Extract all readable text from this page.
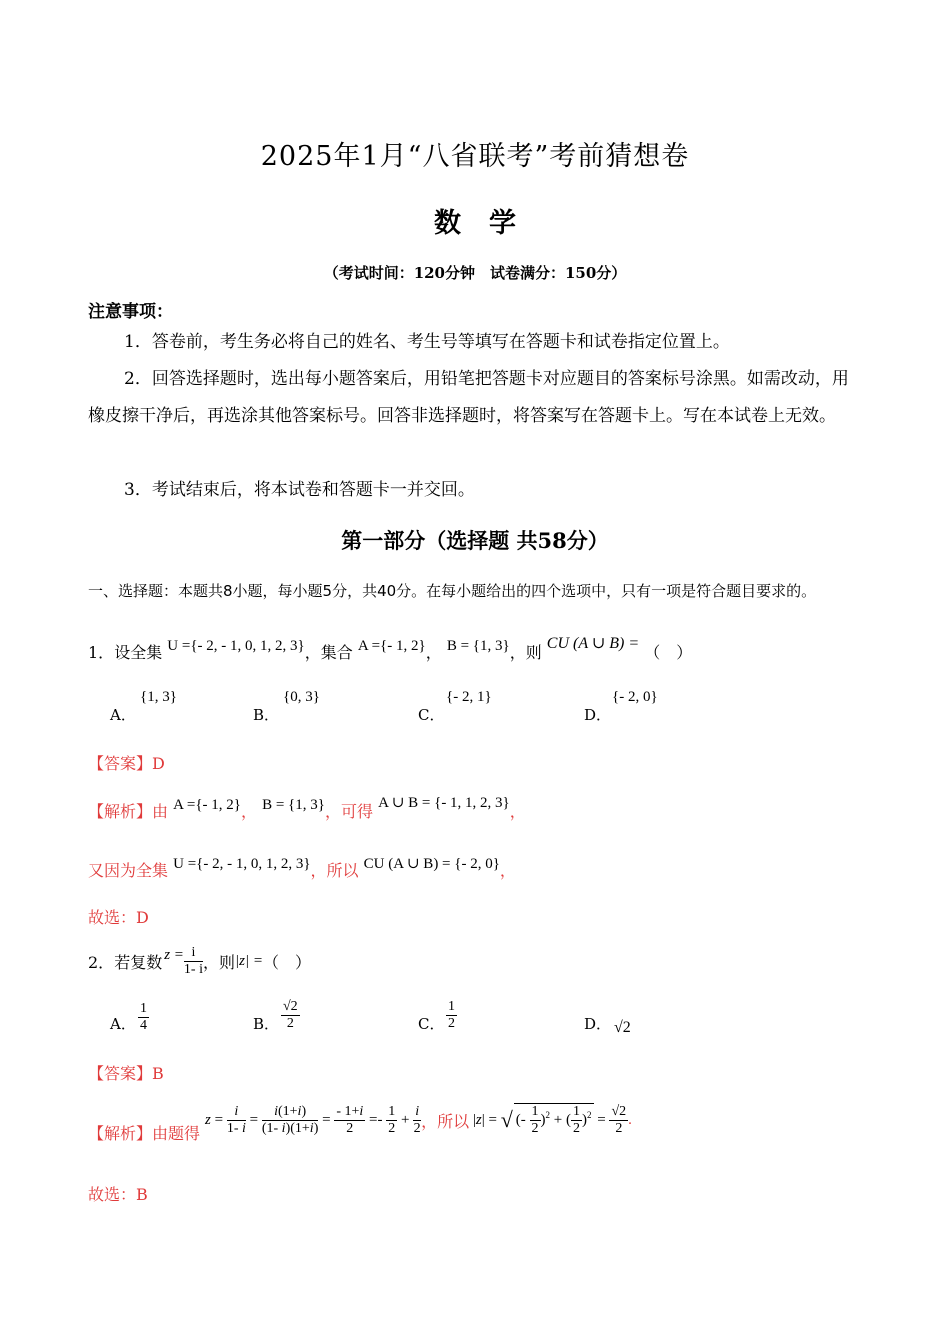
2025年1月“八省联考”考前猜想卷
数学
（考试时间：120分钟　试卷满分：150分）
注意事项：
1．答卷前，考生务必将自己的姓名、考生号等填写在答题卡和试卷指定位置上。
2．回答选择题时，选出每小题答案后，用铅笔把答题卡对应题目的答案标号涂黑。如需改动，用橡皮擦干净后，再选涂其他答案标号。回答非选择题时，将答案写在答题卡上。写在本试卷上无效。
3．考试结束后，将本试卷和答题卡一并交回。
第一部分（选择题 共58分）
一、选择题：本题共8小题，每小题5分，共40分。在每小题给出的四个选项中，只有一项是符合题目要求的。
1．设全集 U ={- 2, - 1, 0, 1, 2, 3}，集合 A ={- 1, 2}， B = {1, 3}，则 CU (A ∪ B) = （　）
A．
{1, 3}
B．
{0, 3}
C．
{- 2, 1}
D．
{- 2, 0}
【答案】D
【解析】由 A ={- 1, 2}， B = {1, 3}，可得 A ∪ B = {- 1, 1, 2, 3}，
又因为全集 U ={- 2, - 1, 0, 1, 2, 3}，所以 CU (A ∪ B) = {- 2, 0}，
故选：D
2． 若复数 $z = \frac{i}{1- i}$ ，则 |z| = （　）
A． $\frac{1}{4}$	B． $\frac{√2}{2}$	C． $\frac{1}{2}$	D． √2
【答案】B
【解析】由题得
$z = \frac{i}{1- i} = \frac{i(1+i)}{(1- i)(1+i)} = \frac{- 1+i}{2} =- \frac{1}{2} + \frac{i}{2}$ ，所以 | z | = √ (- $\frac{1}{2} )^2$ + ( $\frac{1}{2} )^2 = \frac{√2}{2}$ .
故选：B
